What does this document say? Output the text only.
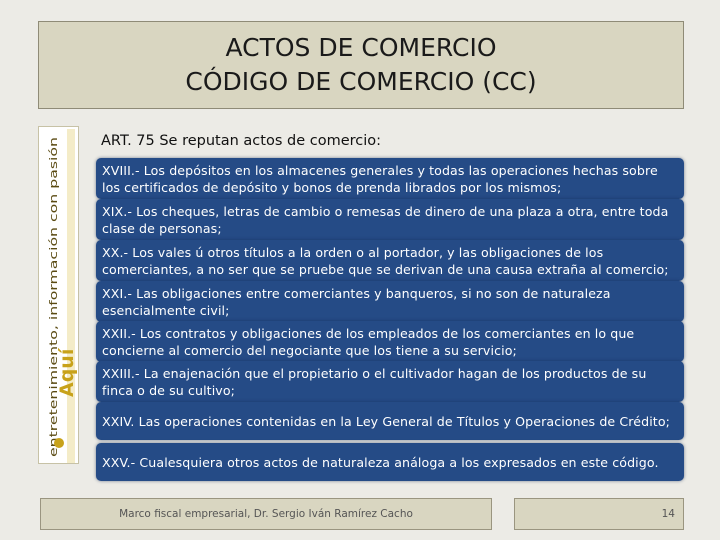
ACTOS DE COMERCIO
CÓDIGO DE COMERCIO (CC)
Aquí
entretenimiento, información con pasión

ART. 75 Se reputan actos de comercio:

XVIII.- Los depósitos en los almacenes generales y todas las operaciones hechas sobre los certificados de depósito y bonos de prenda librados por los mismos;
XIX.- Los cheques, letras de cambio o remesas de dinero de una plaza a otra, entre toda clase de personas;
XX.- Los vales ú otros títulos a la orden o al portador, y las obligaciones de los comerciantes, a no ser que se pruebe que se derivan de una causa extraña al comercio;
XXI.- Las obligaciones entre comerciantes y banqueros, si no son de naturaleza esencialmente civil;
XXII.- Los contratos y obligaciones de los empleados de los comerciantes en lo que concierne al comercio del negociante que los tiene a su servicio;
XXIII.- La enajenación que el propietario o el cultivador hagan de los productos de su finca o de su cultivo;
XXIV. Las operaciones contenidas en la Ley General de Títulos y Operaciones de Crédito;
XXV.- Cualesquiera otros actos de naturaleza análoga a los expresados en este código.
Marco fiscal empresarial, Dr. Sergio Iván Ramírez Cacho	14
